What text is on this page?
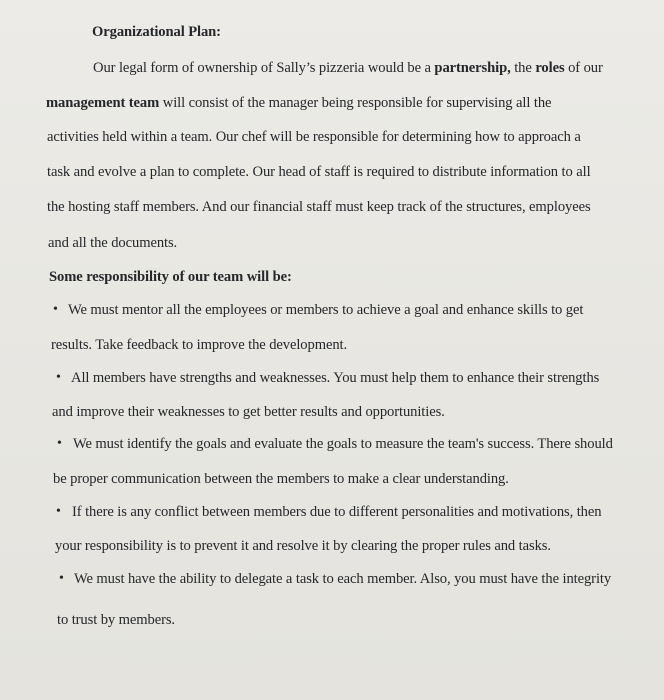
Organizational Plan:
Our legal form of ownership of Sally’s pizzeria would be a partnership, the roles of our
management team will consist of the manager being responsible for supervising all the
activities held within a team. Our chef will be responsible for determining how to approach a
task and evolve a plan to complete. Our head of staff is required to distribute information to all
the hosting staff members. And our financial staff must keep track of the structures, employees
and all the documents.
Some responsibility of our team will be:
• We must mentor all the employees or members to achieve a goal and enhance skills to get
results. Take feedback to improve the development.
• All members have strengths and weaknesses. You must help them to enhance their strengths
and improve their weaknesses to get better results and opportunities.
• We must identify the goals and evaluate the goals to measure the team's success. There should
be proper communication between the members to make a clear understanding.
• If there is any conflict between members due to different personalities and motivations, then
your responsibility is to prevent it and resolve it by clearing the proper rules and tasks.
• We must have the ability to delegate a task to each member. Also, you must have the integrity
to trust by members.
